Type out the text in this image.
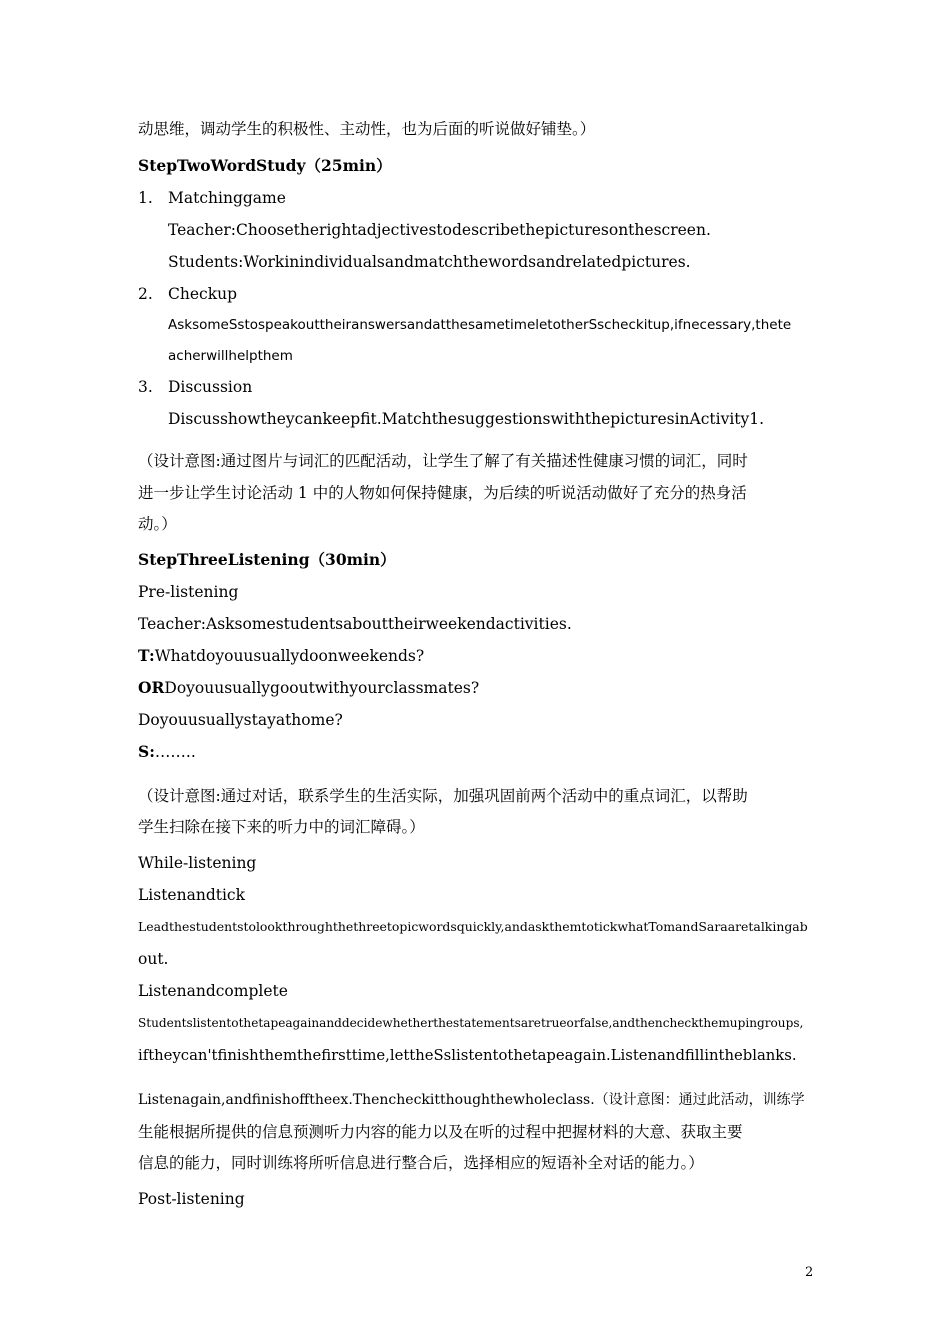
动思维，调动学生的积极性、主动性，也为后面的听说做好铺垫。）
StepTwoWordStudy（25min）
1. Matchinggame
Teacher:Choosetherightadjectivestodescribethepicturesonthescreen.
Students:Workinindividualsandmatchthewordsandrelatedpictures.
2. Checkup
AsksomeSstospeakouttheiranswersandatthesametimeletotherSscheckitup,ifnecessary,thete
acherwillhelpthem
3. Discussion
Discusshowtheycankeepfit.MatchthesuggestionswiththepicturesinActivity1.
（设计意图:通过图片与词汇的匹配活动，让学生了解了有关描述性健康习惯的词汇，同时
进一步让学生讨论活动 1 中的人物如何保持健康，为后续的听说活动做好了充分的热身活
动。）
StepThreeListening（30min）
Pre-listening
Teacher:Asksomestudentsabouttheirweekendactivities.
T:Whatdoyouusuallydoonweekends?
ORDoyouusuallygooutwithyourclassmates?
Doyouusuallystayathome?
S:……..
（设计意图:通过对话，联系学生的生活实际，加强巩固前两个活动中的重点词汇，以帮助
学生扫除在接下来的听力中的词汇障碍。）
While-listening
Listenandtick
Leadthestudentstolookthroughthethreetopicwordsquickly,andaskthemtotickwhatTomandSaraaretalkingab
out.
Listenandcomplete
Studentslistentothetapeagainanddecidewhetherthestatementsaretrueorfalse,andthencheckthemupingroups,
iftheycan'tfinishthemthefirsttime,lettheSslistentothetapeagain.Listenandfillintheblanks.
Listenagain,andfinishofftheex.Thencheckitthoughthewholeclass.（设计意图：通过此活动，训练学
生能根据所提供的信息预测听力内容的能力以及在听的过程中把握材料的大意、获取主要
信息的能力，同时训练将所听信息进行整合后，选择相应的短语补全对话的能力。）
Post-listening
2
